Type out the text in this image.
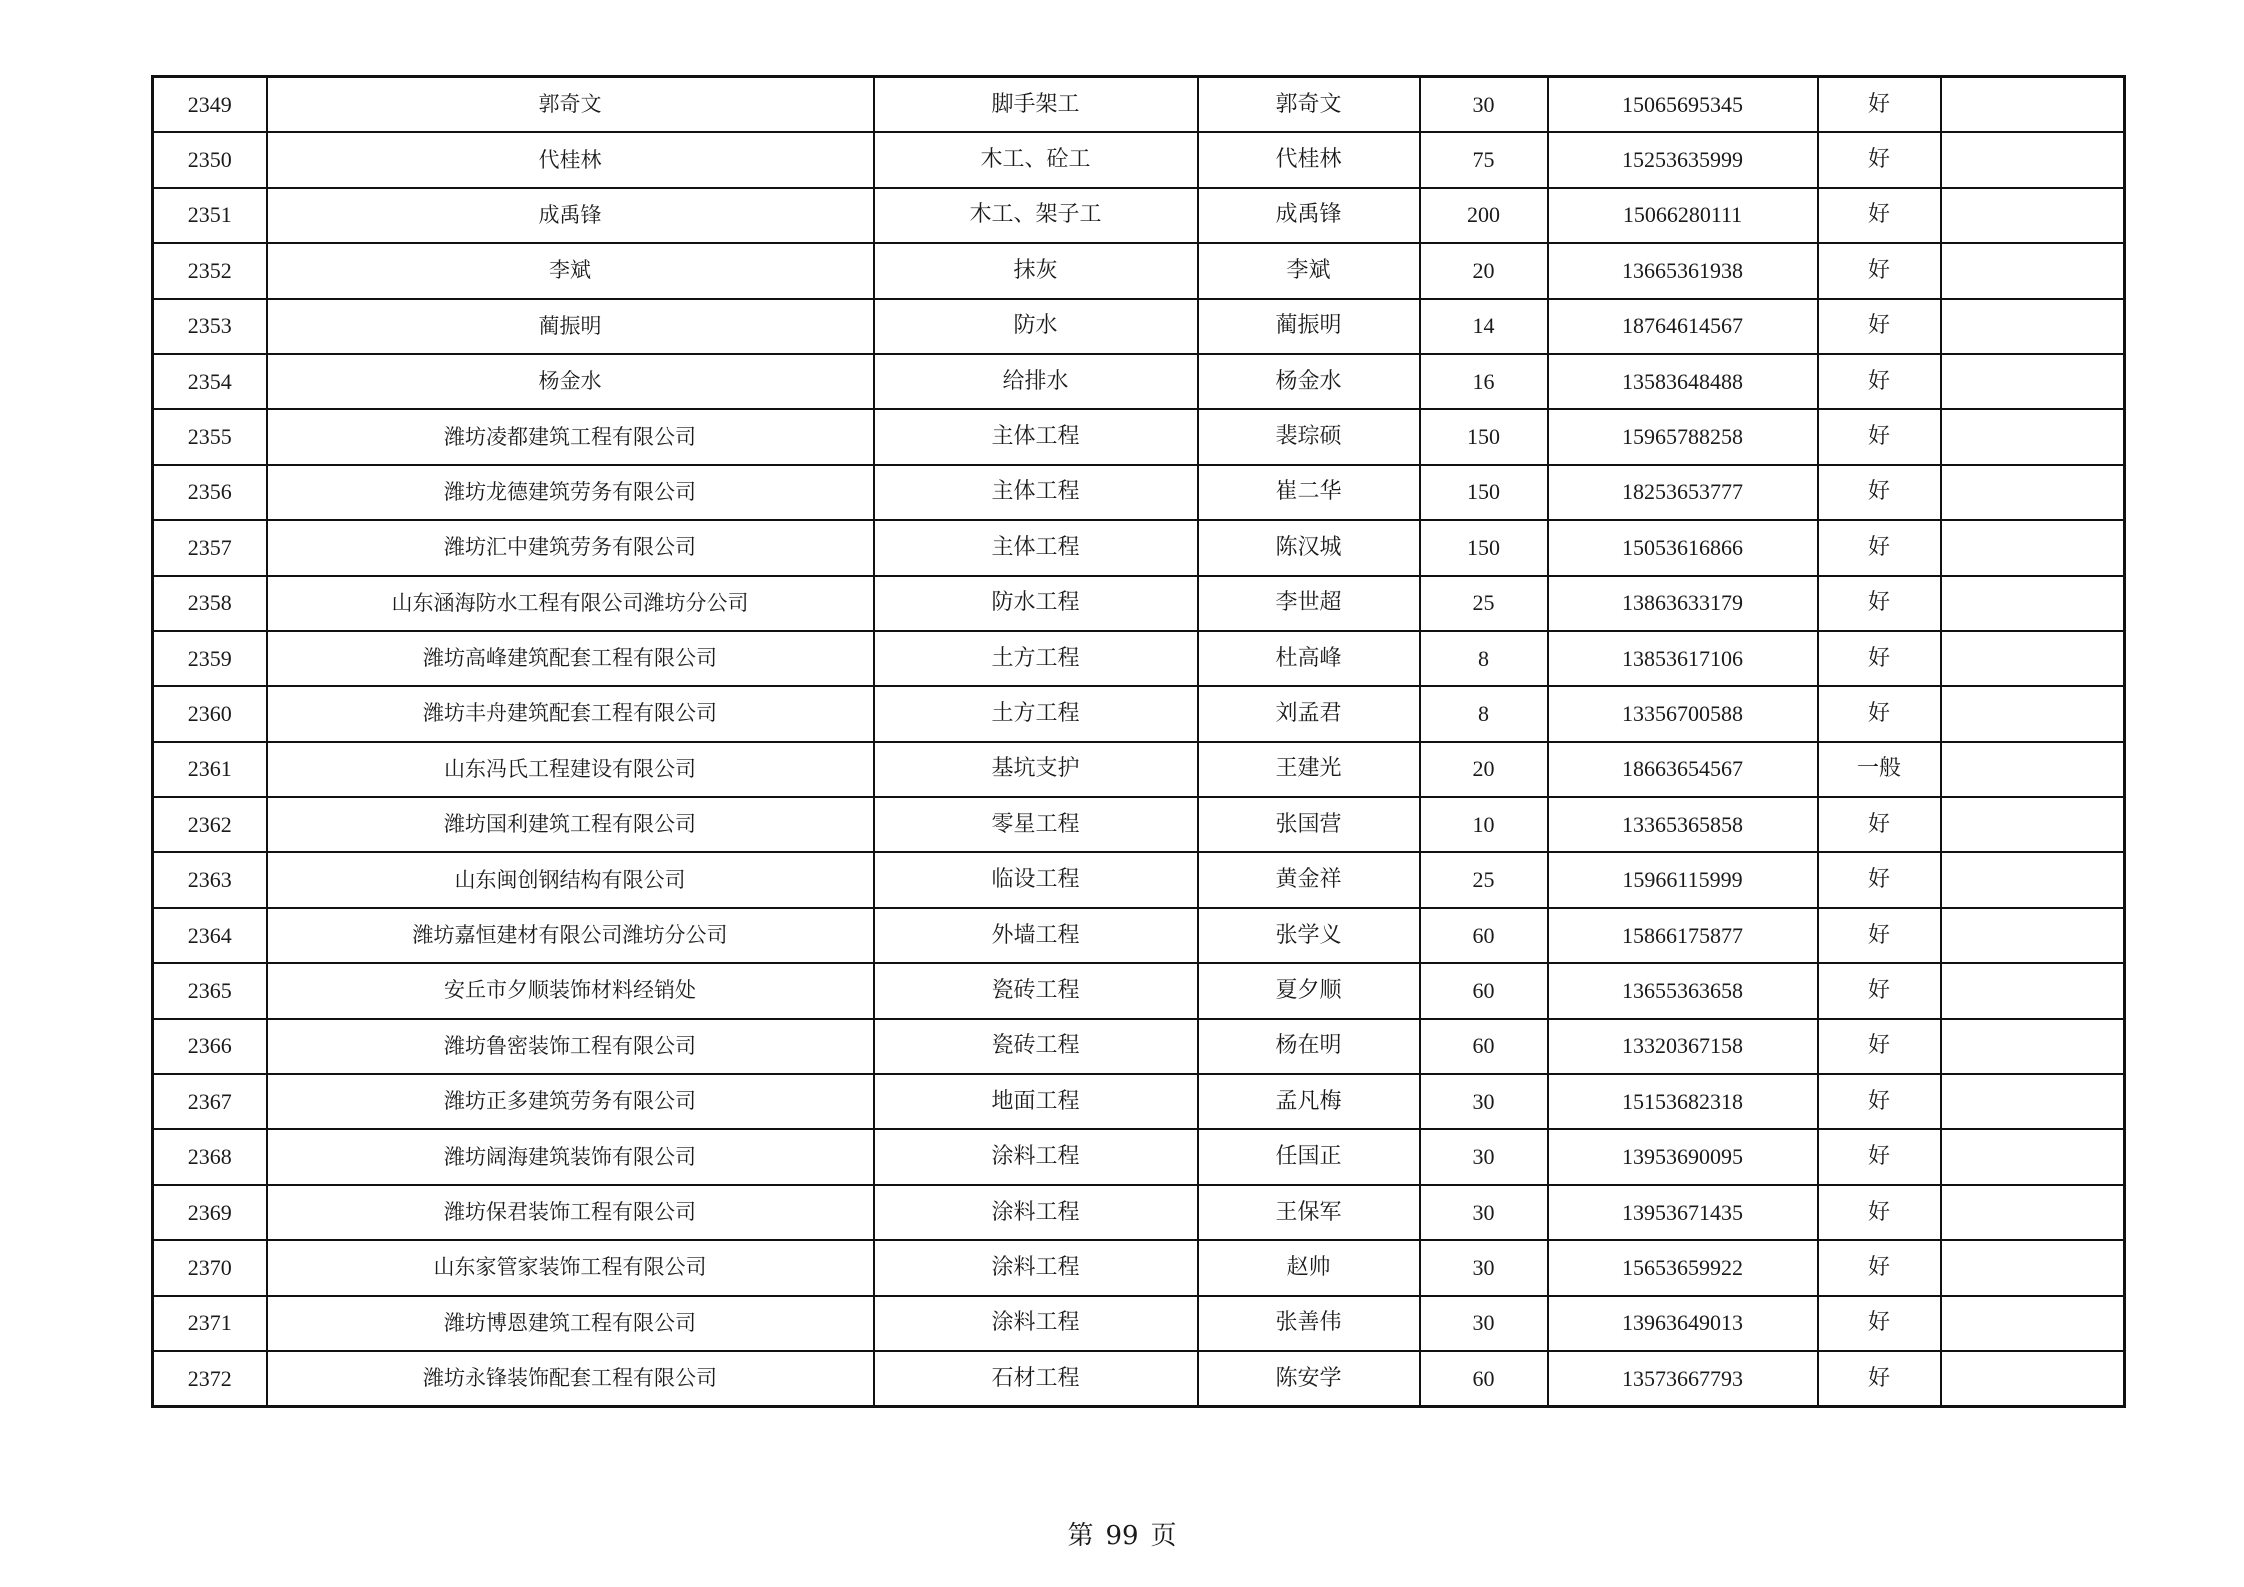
2349	郭奇文	脚手架工	郭奇文	30	15065695345	好	
2350	代桂林	木工、砼工	代桂林	75	15253635999	好	
2351	成禹锋	木工、架子工	成禹锋	200	15066280111	好	
2352	李斌	抹灰	李斌	20	13665361938	好	
2353	蔺振明	防水	蔺振明	14	18764614567	好	
2354	杨金水	给排水	杨金水	16	13583648488	好	
2355	潍坊凌都建筑工程有限公司	主体工程	裴琮硕	150	15965788258	好	
2356	潍坊龙德建筑劳务有限公司	主体工程	崔二华	150	18253653777	好	
2357	潍坊汇中建筑劳务有限公司	主体工程	陈汉城	150	15053616866	好	
2358	山东涵海防水工程有限公司潍坊分公司	防水工程	李世超	25	13863633179	好	
2359	潍坊高峰建筑配套工程有限公司	土方工程	杜高峰	8	13853617106	好	
2360	潍坊丰舟建筑配套工程有限公司	土方工程	刘孟君	8	13356700588	好	
2361	山东冯氏工程建设有限公司	基坑支护	王建光	20	18663654567	一般	
2362	潍坊国利建筑工程有限公司	零星工程	张国营	10	13365365858	好	
2363	山东闽创钢结构有限公司	临设工程	黄金祥	25	15966115999	好	
2364	潍坊嘉恒建材有限公司潍坊分公司	外墙工程	张学义	60	15866175877	好	
2365	安丘市夕顺装饰材料经销处	瓷砖工程	夏夕顺	60	13655363658	好	
2366	潍坊鲁密装饰工程有限公司	瓷砖工程	杨在明	60	13320367158	好	
2367	潍坊正多建筑劳务有限公司	地面工程	孟凡梅	30	15153682318	好	
2368	潍坊阔海建筑装饰有限公司	涂料工程	任国正	30	13953690095	好	
2369	潍坊保君装饰工程有限公司	涂料工程	王保军	30	13953671435	好	
2370	山东家管家装饰工程有限公司	涂料工程	赵帅	30	15653659922	好	
2371	潍坊博恩建筑工程有限公司	涂料工程	张善伟	30	13963649013	好	
2372	潍坊永锋装饰配套工程有限公司	石材工程	陈安学	60	13573667793	好	
第 99 页
